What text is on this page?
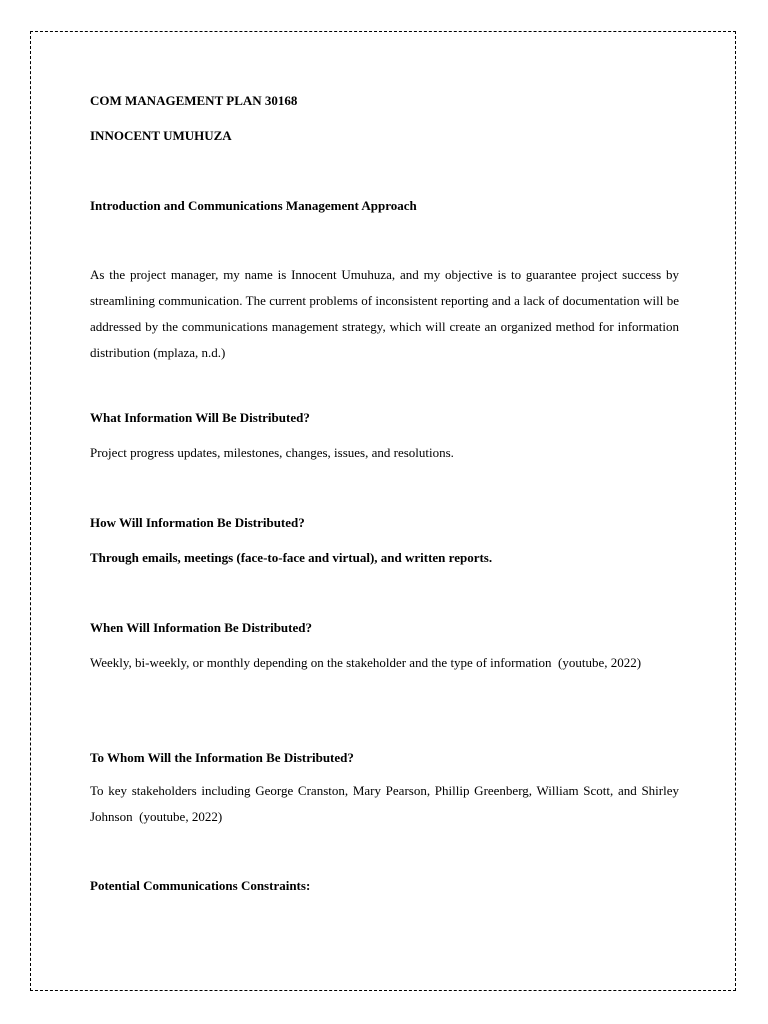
COM MANAGEMENT PLAN 30168
INNOCENT UMUHUZA
Introduction and Communications Management Approach

As the project manager, my name is Innocent Umuhuza, and my objective is to guarantee project success by streamlining communication. The current problems of inconsistent reporting and a lack of documentation will be addressed by the communications management strategy, which will create an organized method for information distribution (mplaza, n.d.)

What Information Will Be Distributed?
Project progress updates, milestones, changes, issues, and resolutions.
How Will Information Be Distributed?
Through emails, meetings (face-to-face and virtual), and written reports.
When Will Information Be Distributed?

Weekly, bi-weekly, or monthly depending on the stakeholder and the type of information  (youtube, 2022)

To Whom Will the Information Be Distributed?

To key stakeholders including George Cranston, Mary Pearson, Phillip Greenberg, William Scott, and Shirley Johnson  (youtube, 2022)

Potential Communications Constraints:
